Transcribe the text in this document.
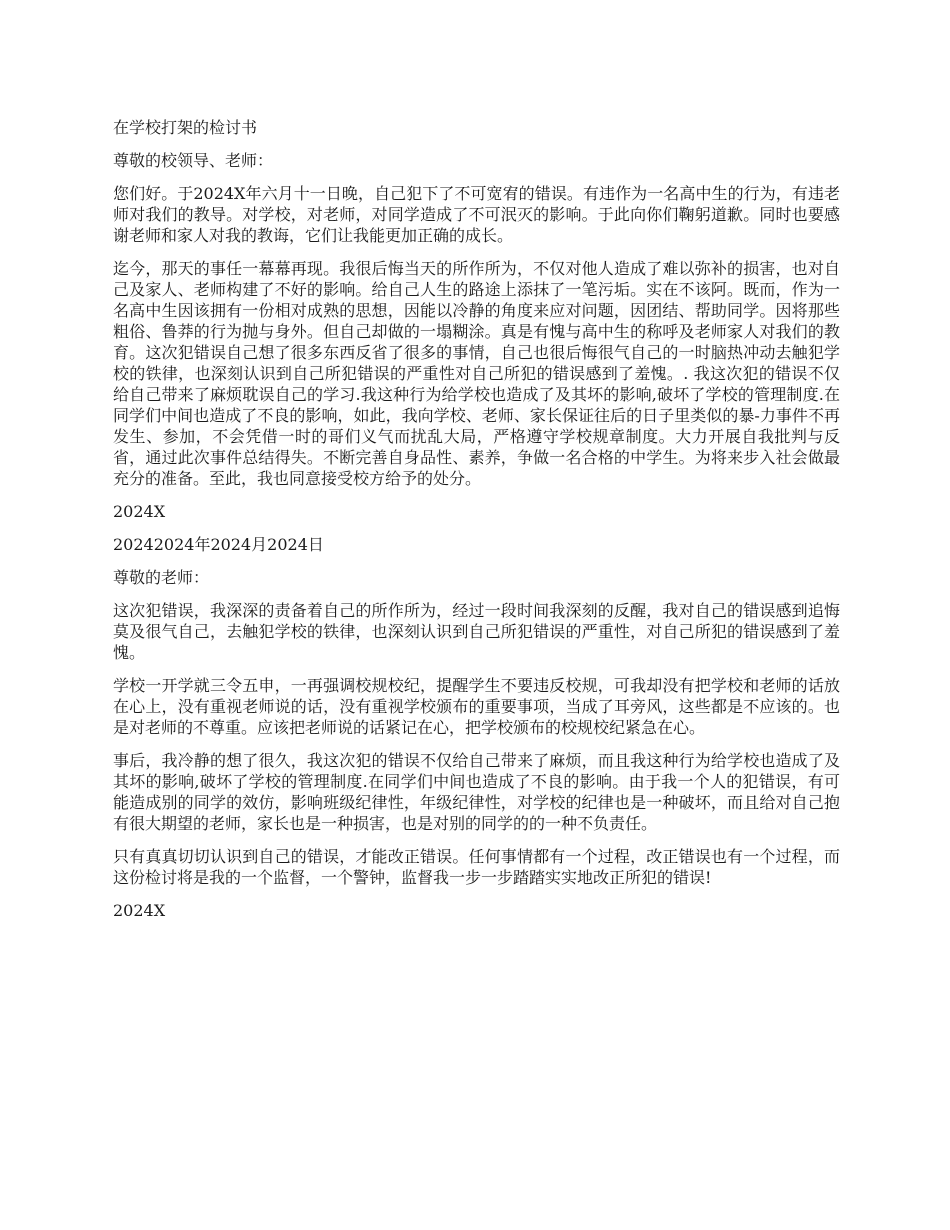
在学校打架的检讨书

尊敬的校领导、老师：

您们好。于2024X年六月十一日晚，自己犯下了不可宽宥的错误。有违作为一名高中生的行为，有违老师对我们的教导。对学校，对老师，对同学造成了不可泯灭的影响。于此向你们鞠躬道歉。同时也要感谢老师和家人对我的教诲，它们让我能更加正确的成长。

迄今，那天的事任一幕幕再现。我很后悔当天的所作所为，不仅对他人造成了难以弥补的损害，也对自己及家人、老师构建了不好的影响。给自己人生的路途上添抹了一笔污垢。实在不该阿。既而，作为一名高中生因该拥有一份相对成熟的思想，因能以冷静的角度来应对问题，因团结、帮助同学。因将那些粗俗、鲁莽的行为抛与身外。但自己却做的一塌糊涂。真是有愧与高中生的称呼及老师家人对我们的教育。这次犯错误自己想了很多东西反省了很多的事情，自己也很后悔很气自己的一时脑热冲动去触犯学校的铁律，也深刻认识到自己所犯错误的严重性对自己所犯的错误感到了羞愧。. 我这次犯的错误不仅给自己带来了麻烦耽误自己的学习.我这种行为给学校也造成了及其坏的影响,破坏了学校的管理制度.在同学们中间也造成了不良的影响，如此，我向学校、老师、家长保证往后的日子里类似的暴-力事件不再发生、参加，不会凭借一时的哥们义气而扰乱大局，严格遵守学校规章制度。大力开展自我批判与反省，通过此次事件总结得失。不断完善自身品性、素养，争做一名合格的中学生。为将来步入社会做最充分的准备。至此，我也同意接受校方给予的处分。

2024X

20242024年2024月2024日

尊敬的老师：

这次犯错误，我深深的责备着自己的所作所为，经过一段时间我深刻的反醒，我对自己的错误感到追悔莫及很气自己，去触犯学校的铁律，也深刻认识到自己所犯错误的严重性，对自己所犯的错误感到了羞愧。

学校一开学就三令五申，一再强调校规校纪，提醒学生不要违反校规，可我却没有把学校和老师的话放在心上，没有重视老师说的话，没有重视学校颁布的重要事项，当成了耳旁风，这些都是不应该的。也是对老师的不尊重。应该把老师说的话紧记在心，把学校颁布的校规校纪紧急在心。

事后，我冷静的想了很久，我这次犯的错误不仅给自己带来了麻烦，而且我这种行为给学校也造成了及其坏的影响,破坏了学校的管理制度.在同学们中间也造成了不良的影响。由于我一个人的犯错误，有可能造成别的同学的效仿，影响班级纪律性，年级纪律性，对学校的纪律也是一种破坏，而且给对自己抱有很大期望的老师，家长也是一种损害，也是对别的同学的的一种不负责任。

只有真真切切认识到自己的错误，才能改正错误。任何事情都有一个过程，改正错误也有一个过程，而这份检讨将是我的一个监督，一个警钟，监督我一步一步踏踏实实地改正所犯的错误!

2024X
